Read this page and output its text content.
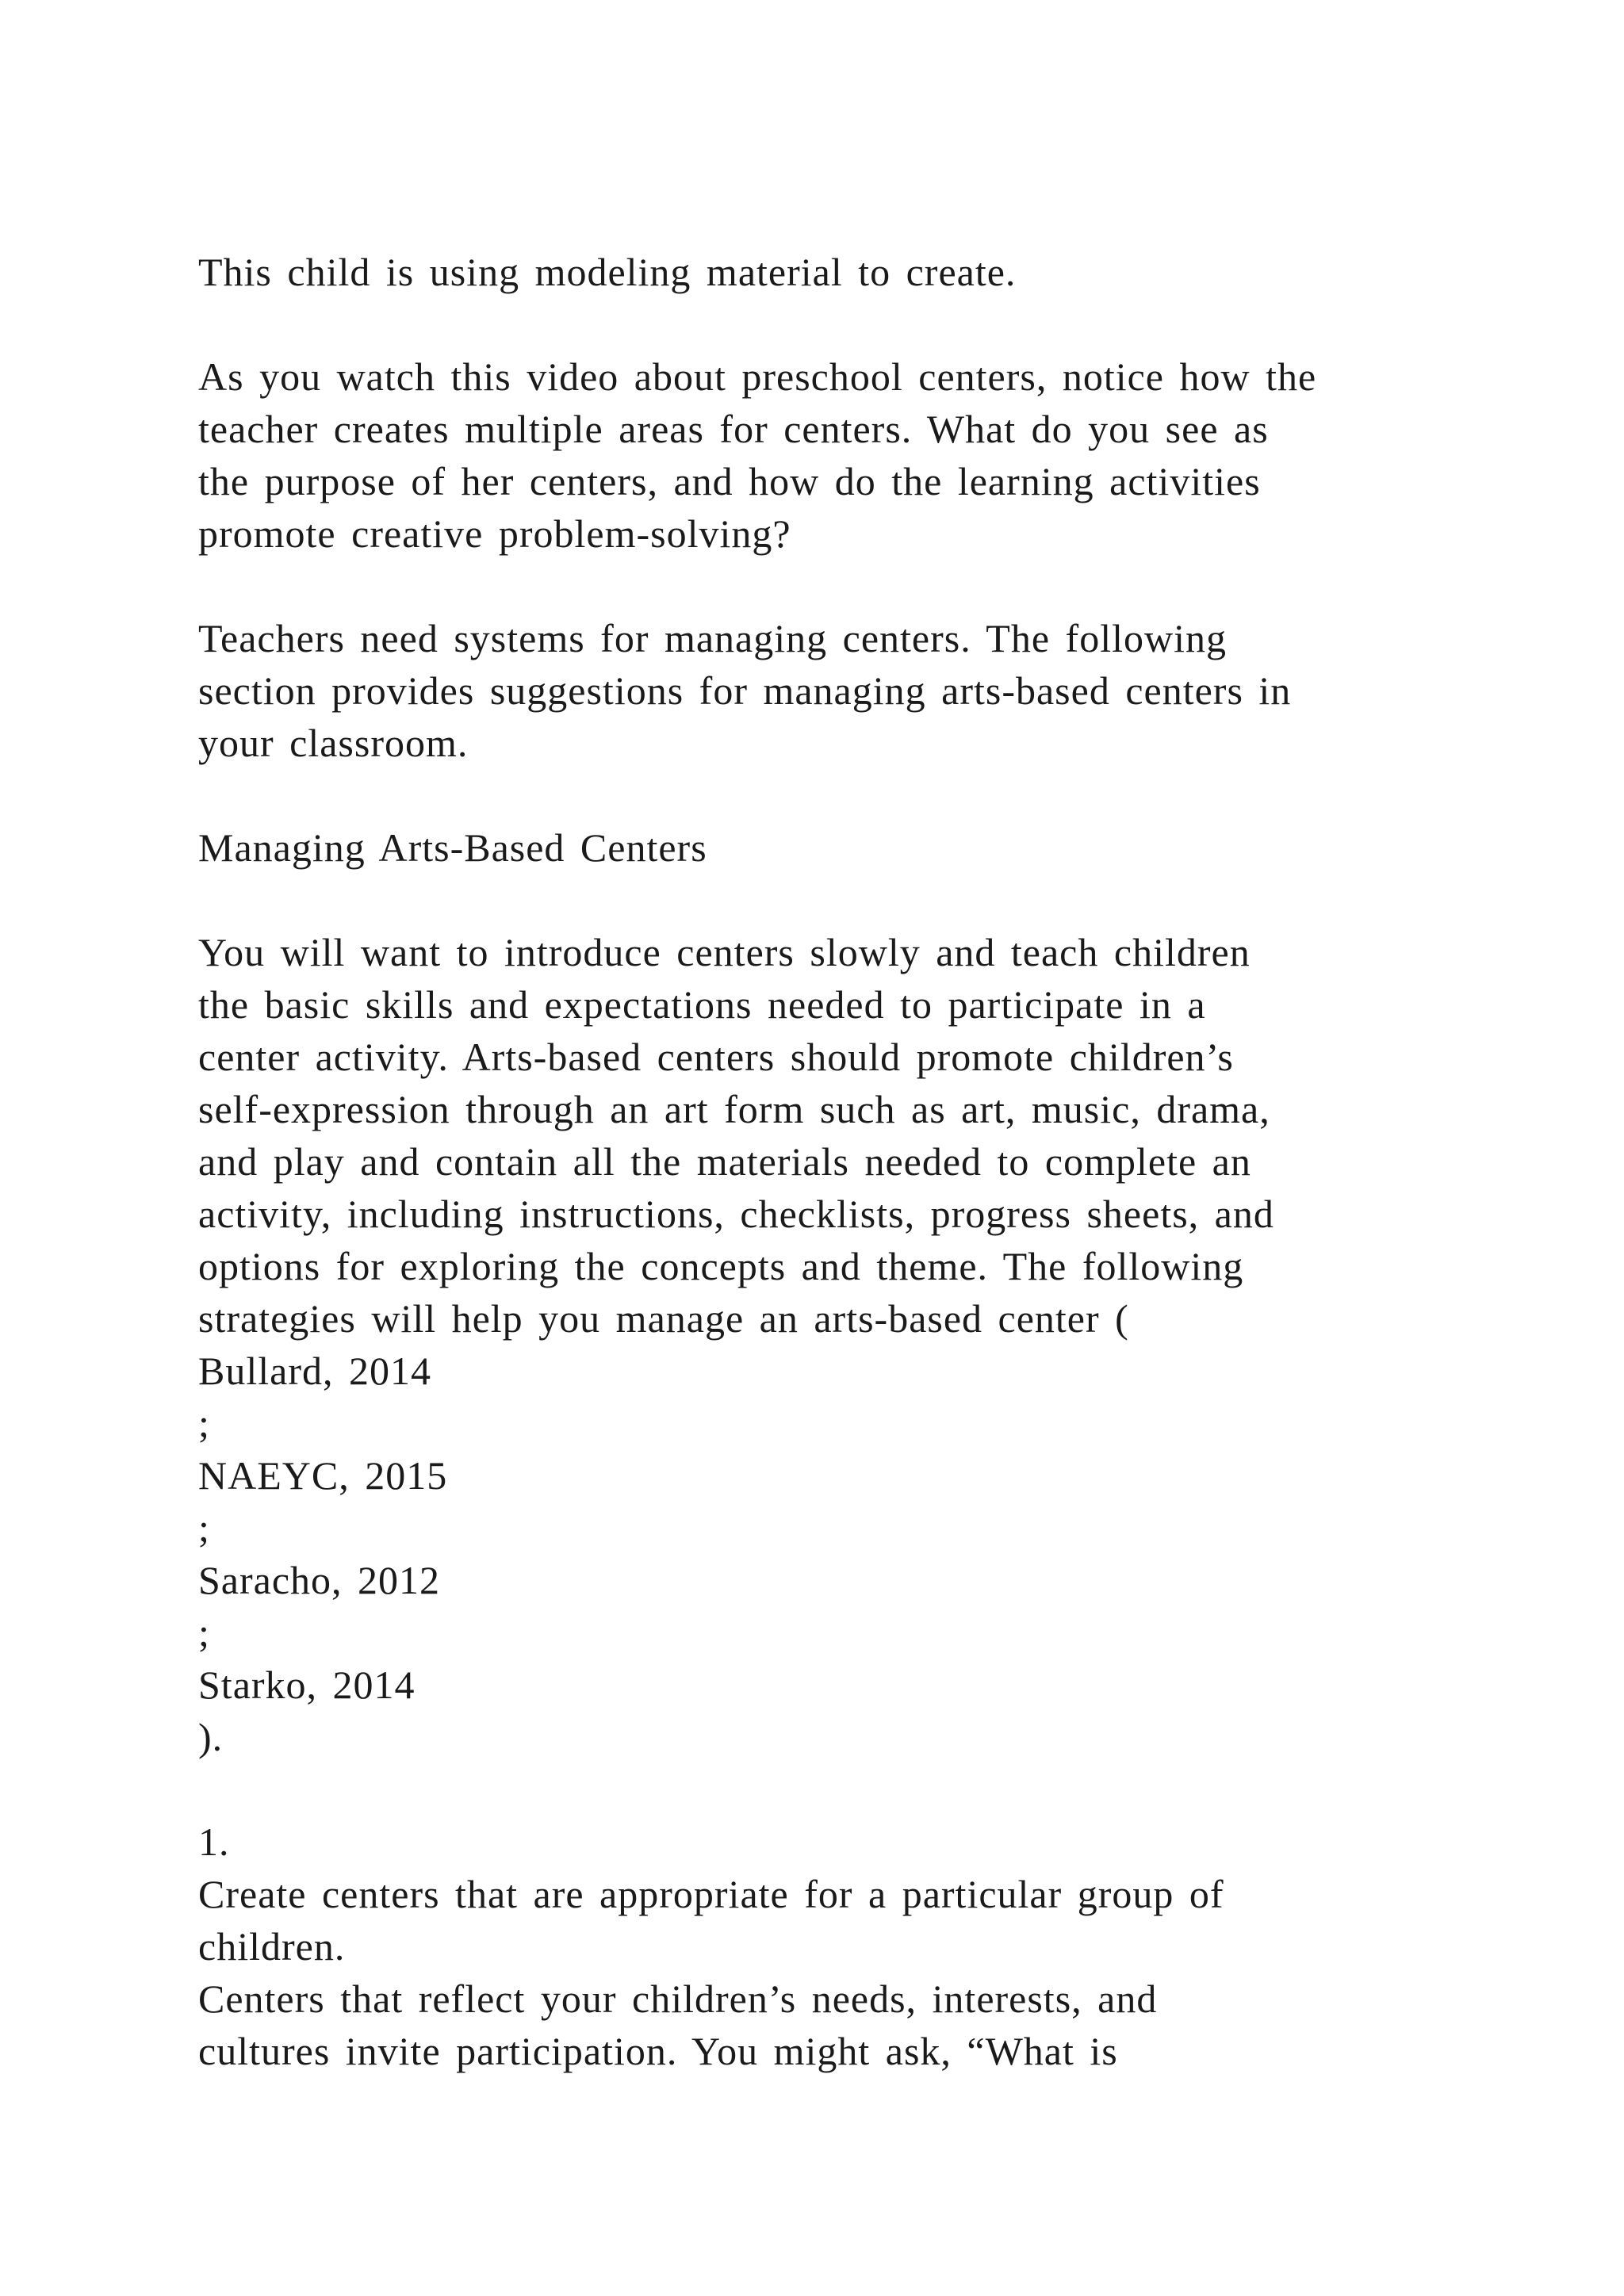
This child is using modeling material to create.

As you watch this video about preschool centers, notice how the

teacher creates multiple areas for centers. What do you see as

the purpose of her centers, and how do the learning activities

promote creative problem-solving?

Teachers need systems for managing centers. The following

section provides suggestions for managing arts-based centers in

your classroom.

Managing Arts-Based Centers

You will want to introduce centers slowly and teach children

the basic skills and expectations needed to participate in a

center activity. Arts-based centers should promote children’s

self-expression through an art form such as art, music, drama,

and play and contain all the materials needed to complete an

activity, including instructions, checklists, progress sheets, and

options for exploring the concepts and theme. The following

strategies will help you manage an arts-based center (

Bullard, 2014

;

NAEYC, 2015

;

Saracho, 2012

;

Starko, 2014

).

1.

Create centers that are appropriate for a particular group of

children.

Centers that reflect your children’s needs, interests, and

cultures invite participation. You might ask, “What is
